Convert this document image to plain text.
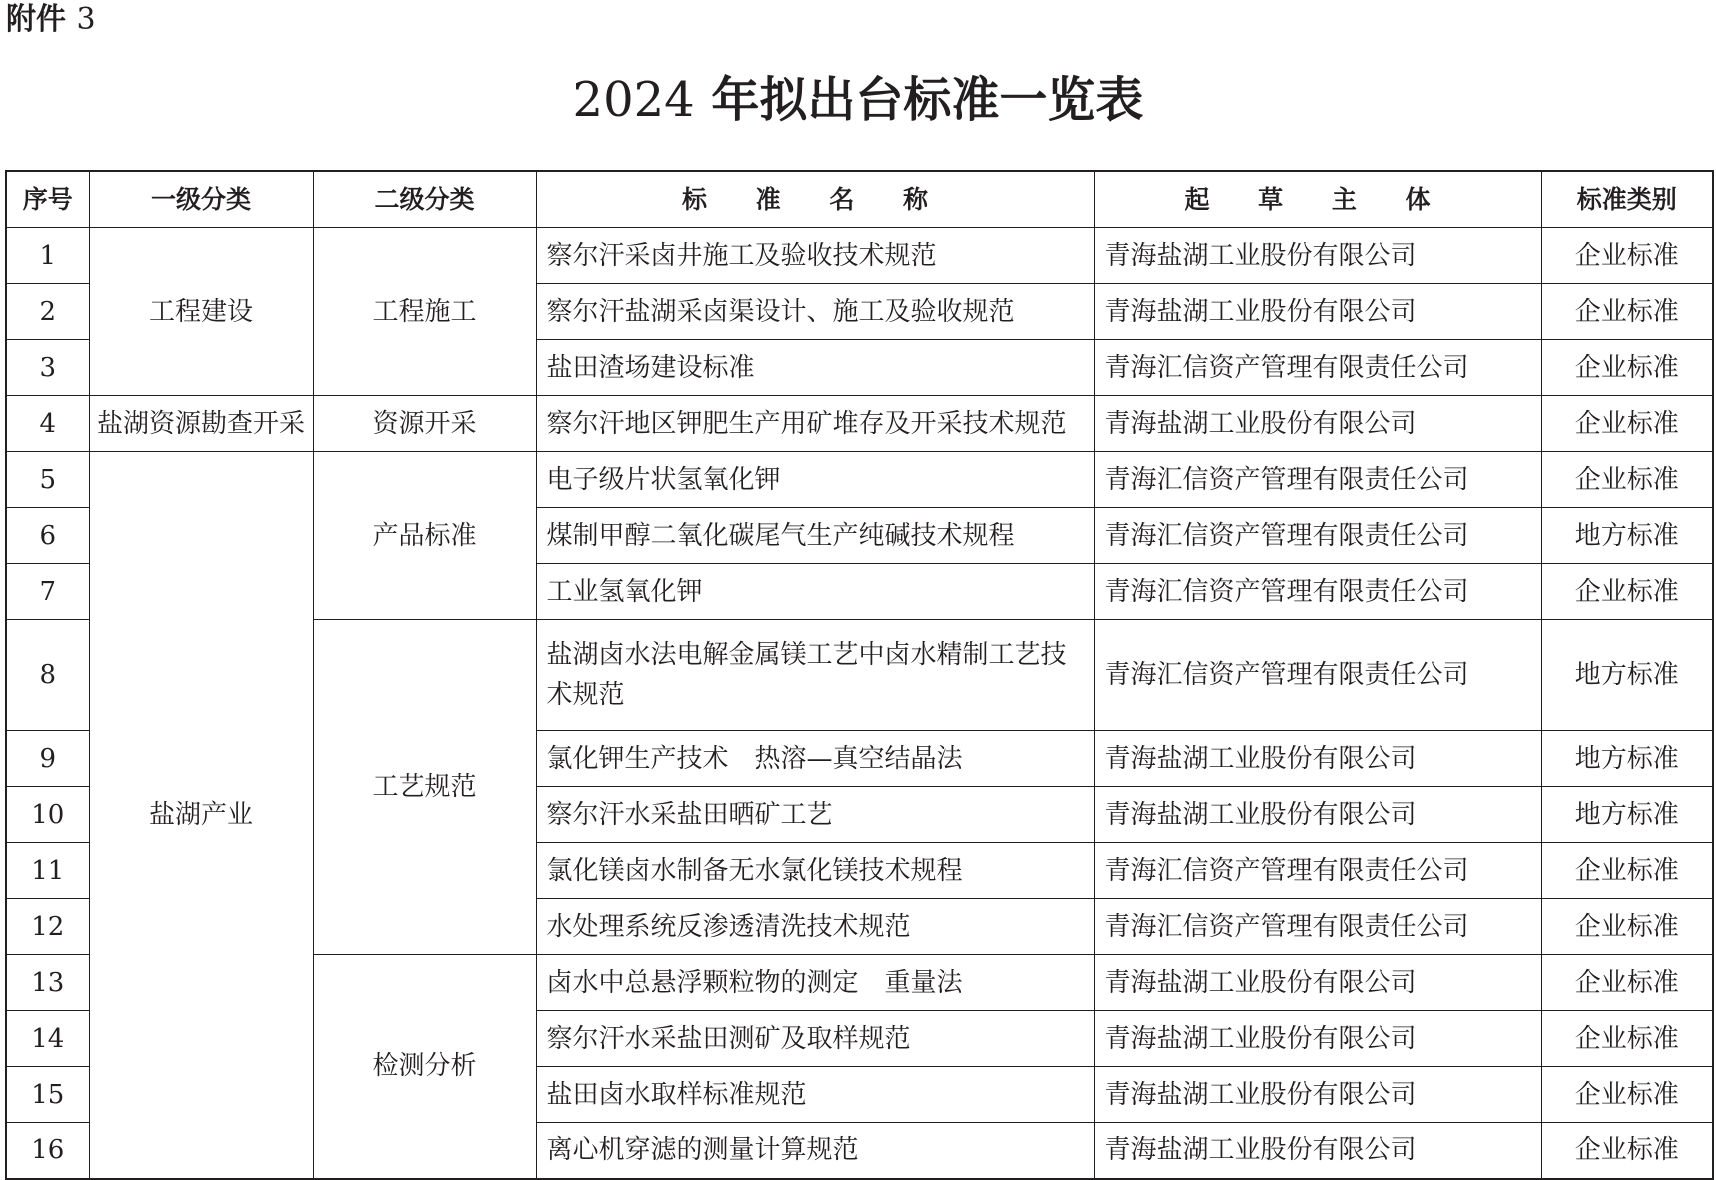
附件 3
2024 年拟出台标准一览表
序号	一级分类	二级分类	标 准 名 称	起 草 主 体	标准类别
1	工程建设	工程施工	察尔汗采卤井施工及验收技术规范	青海盐湖工业股份有限公司	企业标准
2			察尔汗盐湖采卤渠设计、施工及验收规范	青海盐湖工业股份有限公司	企业标准
3			盐田渣场建设标准	青海汇信资产管理有限责任公司	企业标准
4	盐湖资源勘查开采	资源开采	察尔汗地区钾肥生产用矿堆存及开采技术规范	青海盐湖工业股份有限公司	企业标准
5	盐湖产业	产品标准	电子级片状氢氧化钾	青海汇信资产管理有限责任公司	企业标准
6			煤制甲醇二氧化碳尾气生产纯碱技术规程	青海汇信资产管理有限责任公司	地方标准
7			工业氢氧化钾	青海汇信资产管理有限责任公司	企业标准
8		工艺规范	盐湖卤水法电解金属镁工艺中卤水精制工艺技术规范	青海汇信资产管理有限责任公司	地方标准
9			氯化钾生产技术　热溶—真空结晶法	青海盐湖工业股份有限公司	地方标准
10			察尔汗水采盐田晒矿工艺	青海盐湖工业股份有限公司	地方标准
11			氯化镁卤水制备无水氯化镁技术规程	青海汇信资产管理有限责任公司	企业标准
12			水处理系统反渗透清洗技术规范	青海汇信资产管理有限责任公司	企业标准
13		检测分析	卤水中总悬浮颗粒物的测定　重量法	青海盐湖工业股份有限公司	企业标准
14			察尔汗水采盐田测矿及取样规范	青海盐湖工业股份有限公司	企业标准
15			盐田卤水取样标准规范	青海盐湖工业股份有限公司	企业标准
16			离心机穿滤的测量计算规范	青海盐湖工业股份有限公司	企业标准
